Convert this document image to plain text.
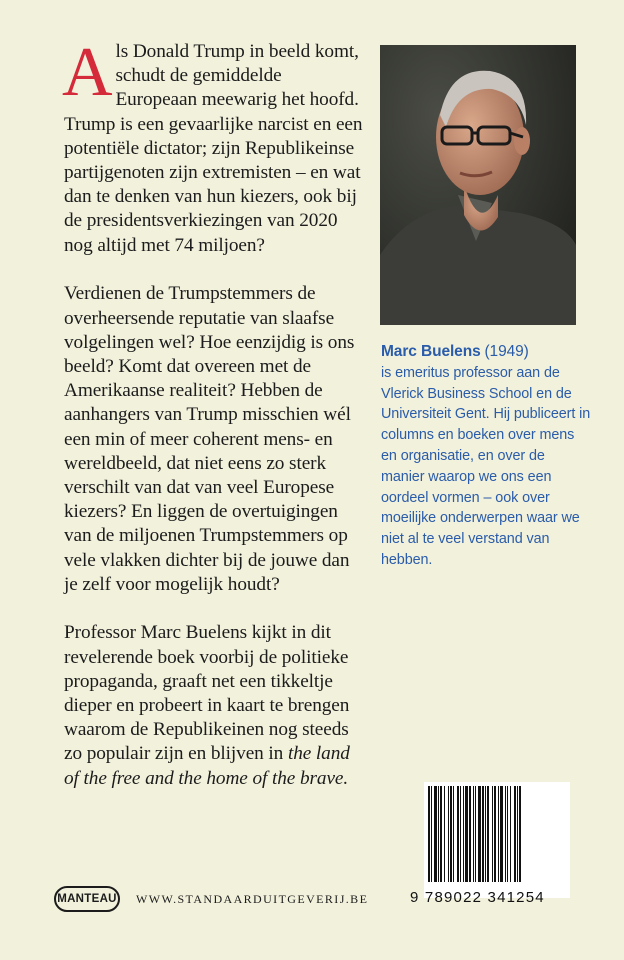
Als Donald Trump in beeld komt, schudt de gemiddelde Europeaan meewarig het hoofd. Trump is een gevaarlijke narcist en een potentiële dictator; zijn Republikeinse partijgenoten zijn extremisten – en wat dan te denken van hun kiezers, ook bij de presidentsverkiezingen van 2020 nog altijd met 74 miljoen?

Verdienen de Trumpstemmers de overheersende reputatie van slaafse volgelingen wel? Hoe eenzijdig is ons beeld? Komt dat overeen met de Amerikaanse realiteit? Hebben de aanhangers van Trump misschien wél een min of meer coherent mens- en wereldbeeld, dat niet eens zo sterk verschilt van dat van veel Europese kiezers? En liggen de overtuigingen van de miljoenen Trumpstemmers op vele vlakken dichter bij de jouwe dan je zelf voor mogelijk houdt?

Professor Marc Buelens kijkt in dit revelerende boek voorbij de politieke propaganda, graaft net een tikkeltje dieper en probeert in kaart te brengen waarom de Republikeinen nog steeds zo populair zijn en blijven in the land of the free and the home of the brave.

Marc Buelens (1949)
is emeritus professor aan de Vlerick Business School en de Universiteit Gent. Hij publiceert in columns en boeken over mens en organisatie, en over de manier waarop we ons een oordeel vormen – ook over moeilijke onderwerpen waar we niet al te veel verstand van hebben.
9 789022 341254
MANTEAU WWW.STANDAARDUITGEVERIJ.BE
